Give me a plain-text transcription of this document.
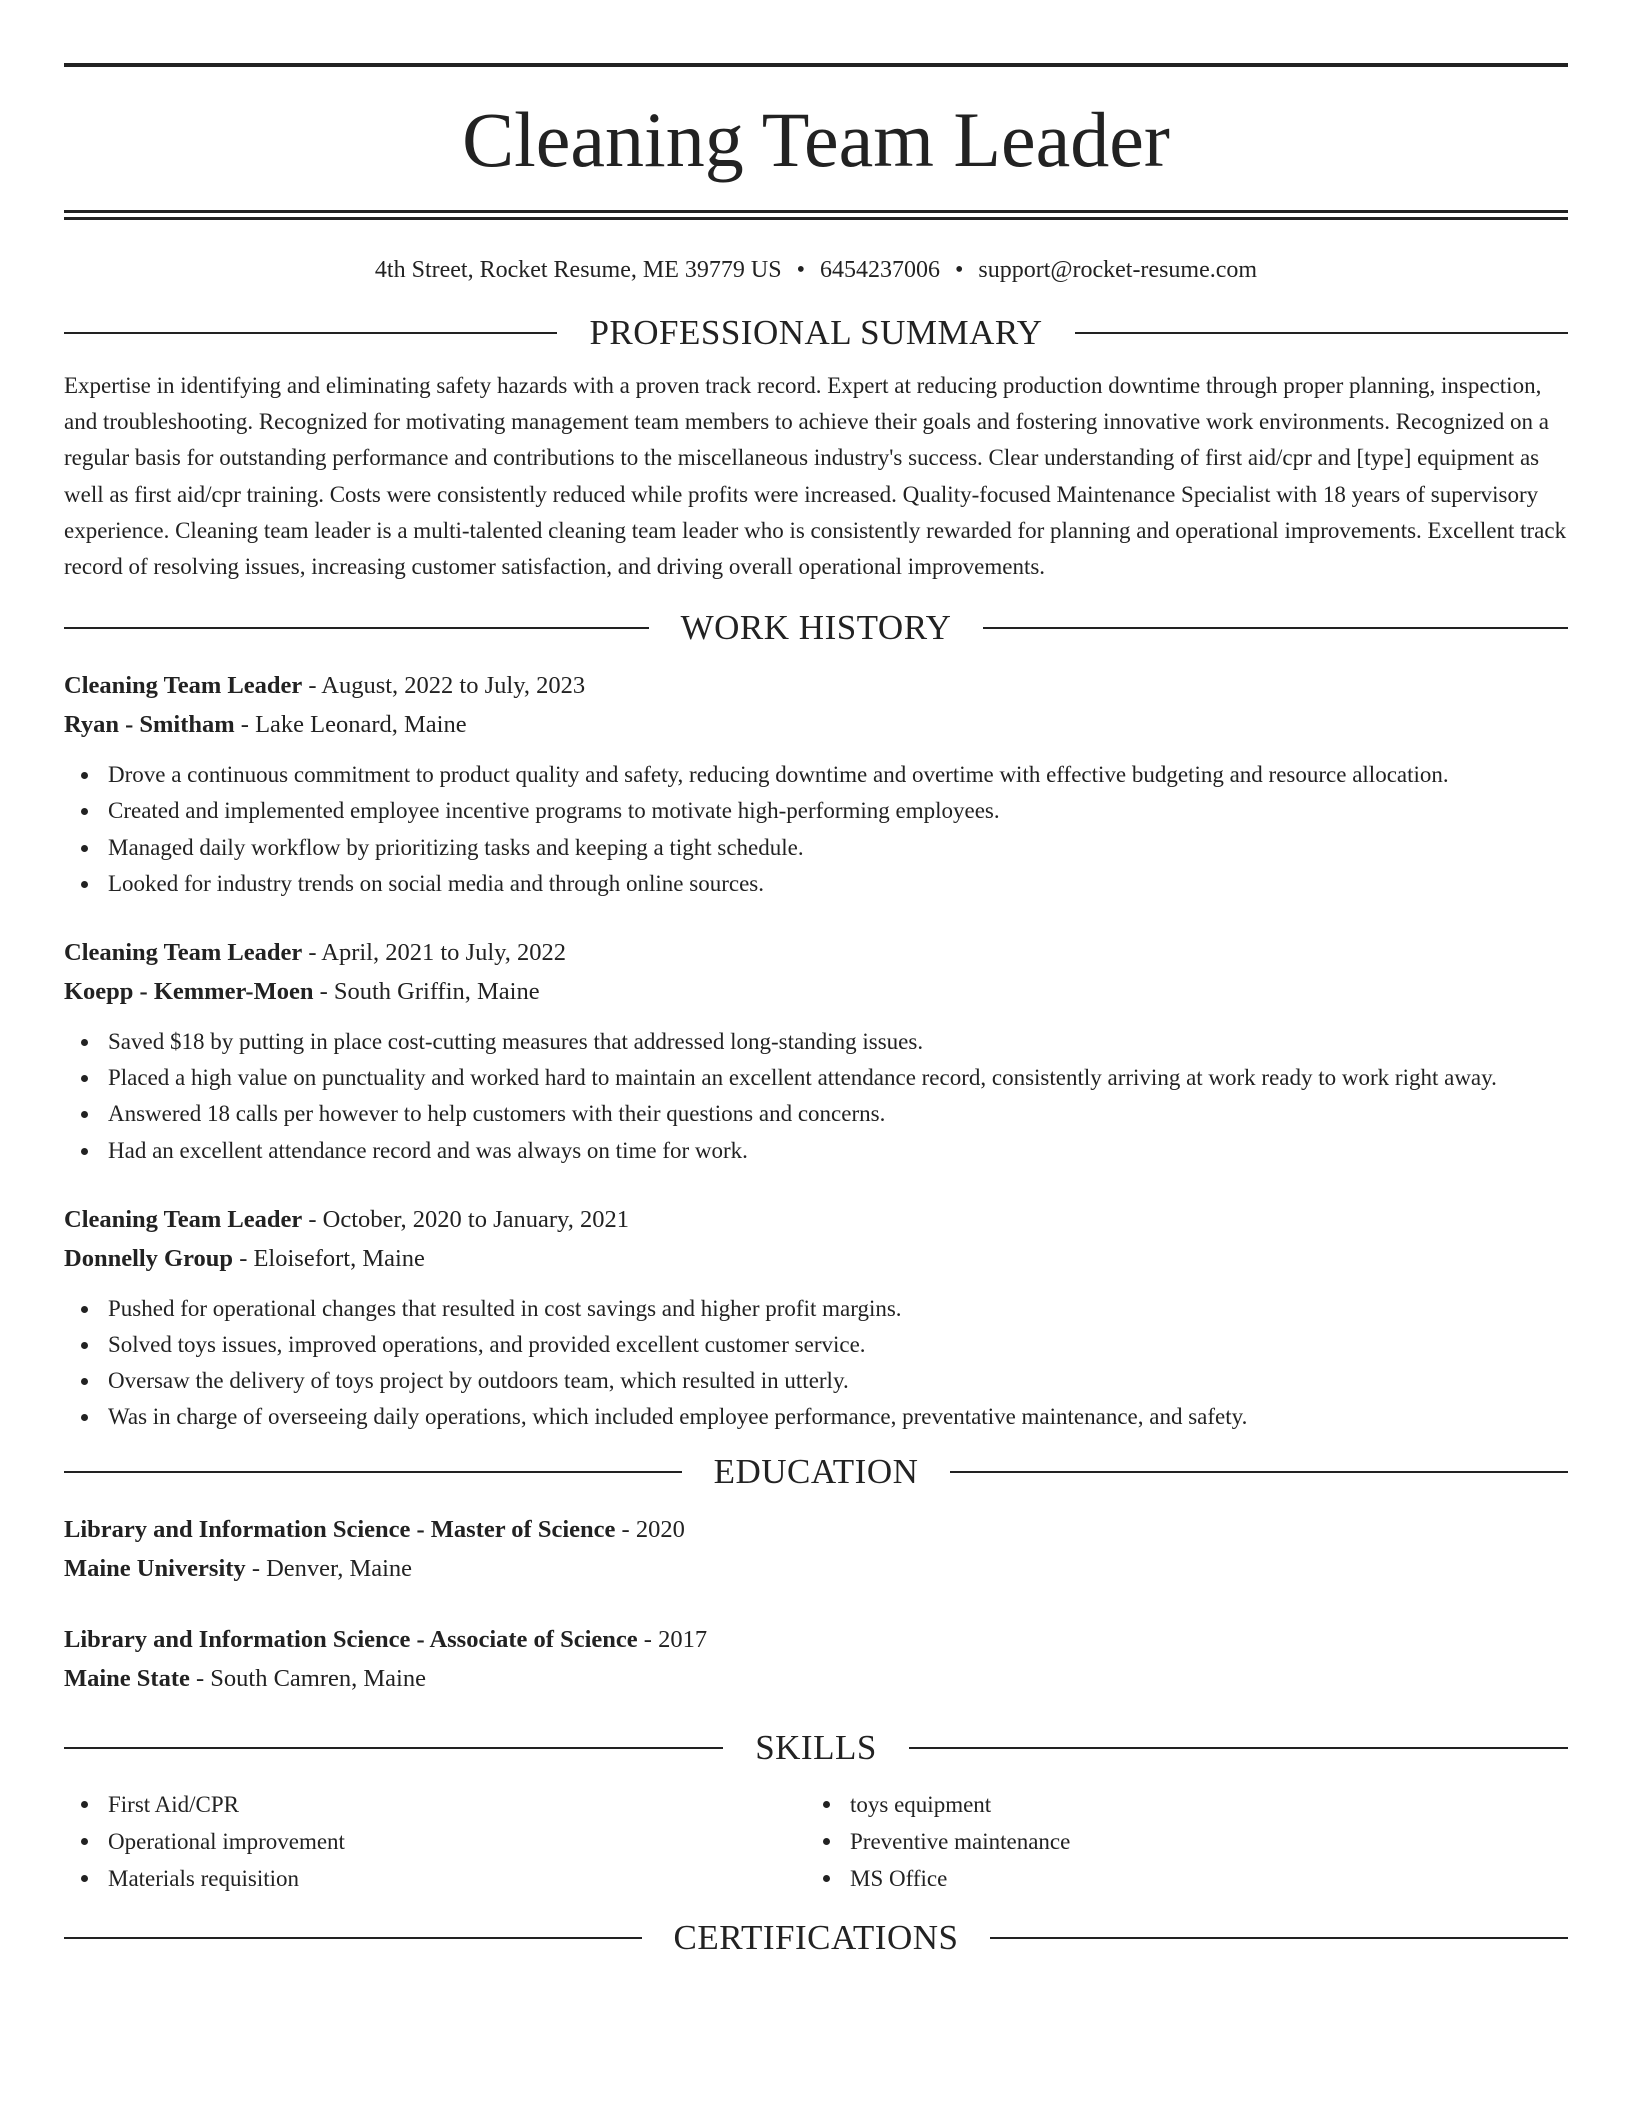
Cleaning Team Leader
4th Street, Rocket Resume, ME 39779 US • 6454237006 • support@rocket-resume.com
PROFESSIONAL SUMMARY

Expertise in identifying and eliminating safety hazards with a proven track record. Expert at reducing production downtime through proper planning, inspection, and troubleshooting. Recognized for motivating management team members to achieve their goals and fostering innovative work environments. Recognized on a regular basis for outstanding performance and contributions to the miscellaneous industry's success. Clear understanding of first aid/cpr and [type] equipment as well as first aid/cpr training. Costs were consistently reduced while profits were increased. Quality-focused Maintenance Specialist with 18 years of supervisory experience. Cleaning team leader is a multi-talented cleaning team leader who is consistently rewarded for planning and operational improvements. Excellent track record of resolving issues, increasing customer satisfaction, and driving overall operational improvements.

WORK HISTORY
Cleaning Team Leader - August, 2022 to July, 2023
Ryan - Smitham - Lake Leonard, Maine
Drove a continuous commitment to product quality and safety, reducing downtime and overtime with effective budgeting and resource allocation.
Created and implemented employee incentive programs to motivate high-performing employees.
Managed daily workflow by prioritizing tasks and keeping a tight schedule.
Looked for industry trends on social media and through online sources.
Cleaning Team Leader - April, 2021 to July, 2022
Koepp - Kemmer-Moen - South Griffin, Maine
Saved $18 by putting in place cost-cutting measures that addressed long-standing issues.
Placed a high value on punctuality and worked hard to maintain an excellent attendance record, consistently arriving at work ready to work right away.
Answered 18 calls per however to help customers with their questions and concerns.
Had an excellent attendance record and was always on time for work.
Cleaning Team Leader - October, 2020 to January, 2021
Donnelly Group - Eloisefort, Maine
Pushed for operational changes that resulted in cost savings and higher profit margins.
Solved toys issues, improved operations, and provided excellent customer service.
Oversaw the delivery of toys project by outdoors team, which resulted in utterly.
Was in charge of overseeing daily operations, which included employee performance, preventative maintenance, and safety.
EDUCATION
Library and Information Science - Master of Science - 2020
Maine University - Denver, Maine
Library and Information Science - Associate of Science - 2017
Maine State - South Camren, Maine
SKILLS
First Aid/CPR
Operational improvement
Materials requisition
toys equipment
Preventive maintenance
MS Office
CERTIFICATIONS
